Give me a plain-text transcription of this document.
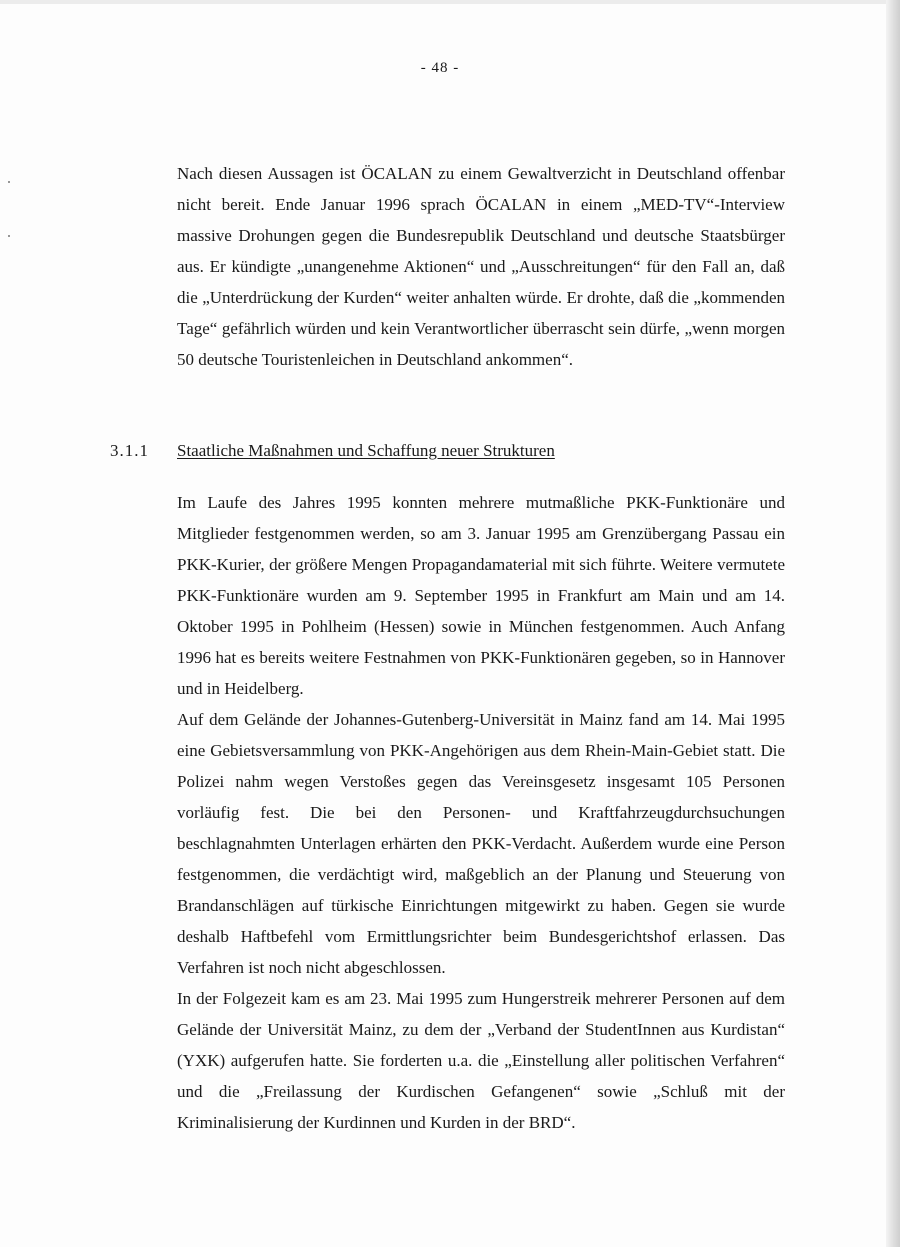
- 48 -
Nach diesen Aussagen ist ÖCALAN zu einem Gewaltverzicht in Deutschland offenbar nicht bereit. Ende Januar 1996 sprach ÖCALAN in einem „MED-TV“-Interview massive Drohungen gegen die Bundesrepublik Deutschland und deutsche Staatsbürger aus. Er kündigte „unangenehme Aktionen“ und „Ausschreitungen“ für den Fall an, daß die „Unterdrückung der Kurden“ weiter anhalten würde. Er drohte, daß die „kommenden Tage“ gefährlich würden und kein Verantwortlicher überrascht sein dürfe, „wenn morgen 50 deutsche Touristenleichen in Deutschland ankommen“.
3.1.1 Staatliche Maßnahmen und Schaffung neuer Strukturen

Im Laufe des Jahres 1995 konnten mehrere mutmaßliche PKK-Funktionäre und Mitglieder festgenommen werden, so am 3. Januar 1995 am Grenzübergang Passau ein PKK-Kurier, der größere Mengen Propagandamaterial mit sich führte. Weitere vermutete PKK-Funktionäre wurden am 9. September 1995 in Frankfurt am Main und am 14. Oktober 1995 in Pohlheim (Hessen) sowie in München festgenommen. Auch Anfang 1996 hat es bereits weitere Festnahmen von PKK-Funktionären gegeben, so in Hannover und in Heidelberg.

Auf dem Gelände der Johannes-Gutenberg-Universität in Mainz fand am 14. Mai 1995 eine Gebietsversammlung von PKK-Angehörigen aus dem Rhein-Main-Gebiet statt. Die Polizei nahm wegen Verstoßes gegen das Vereinsgesetz insgesamt 105 Personen vorläufig fest. Die bei den Personen- und Kraftfahrzeugdurchsuchungen beschlagnahmten Unterlagen erhärten den PKK-Verdacht. Außerdem wurde eine Person festgenommen, die verdächtigt wird, maßgeblich an der Planung und Steuerung von Brandanschlägen auf türkische Einrichtungen mitgewirkt zu haben. Gegen sie wurde deshalb Haftbefehl vom Ermittlungsrichter beim Bundesgerichtshof erlassen. Das Verfahren ist noch nicht abgeschlossen.

In der Folgezeit kam es am 23. Mai 1995 zum Hungerstreik mehrerer Personen auf dem Gelände der Universität Mainz, zu dem der „Verband der StudentInnen aus Kurdistan“ (YXK) aufgerufen hatte. Sie forderten u.a. die „Einstellung aller politischen Verfahren“ und die „Freilassung der Kurdischen Gefangenen“ sowie „Schluß mit der Kriminalisierung der Kurdinnen und Kurden in der BRD“.
